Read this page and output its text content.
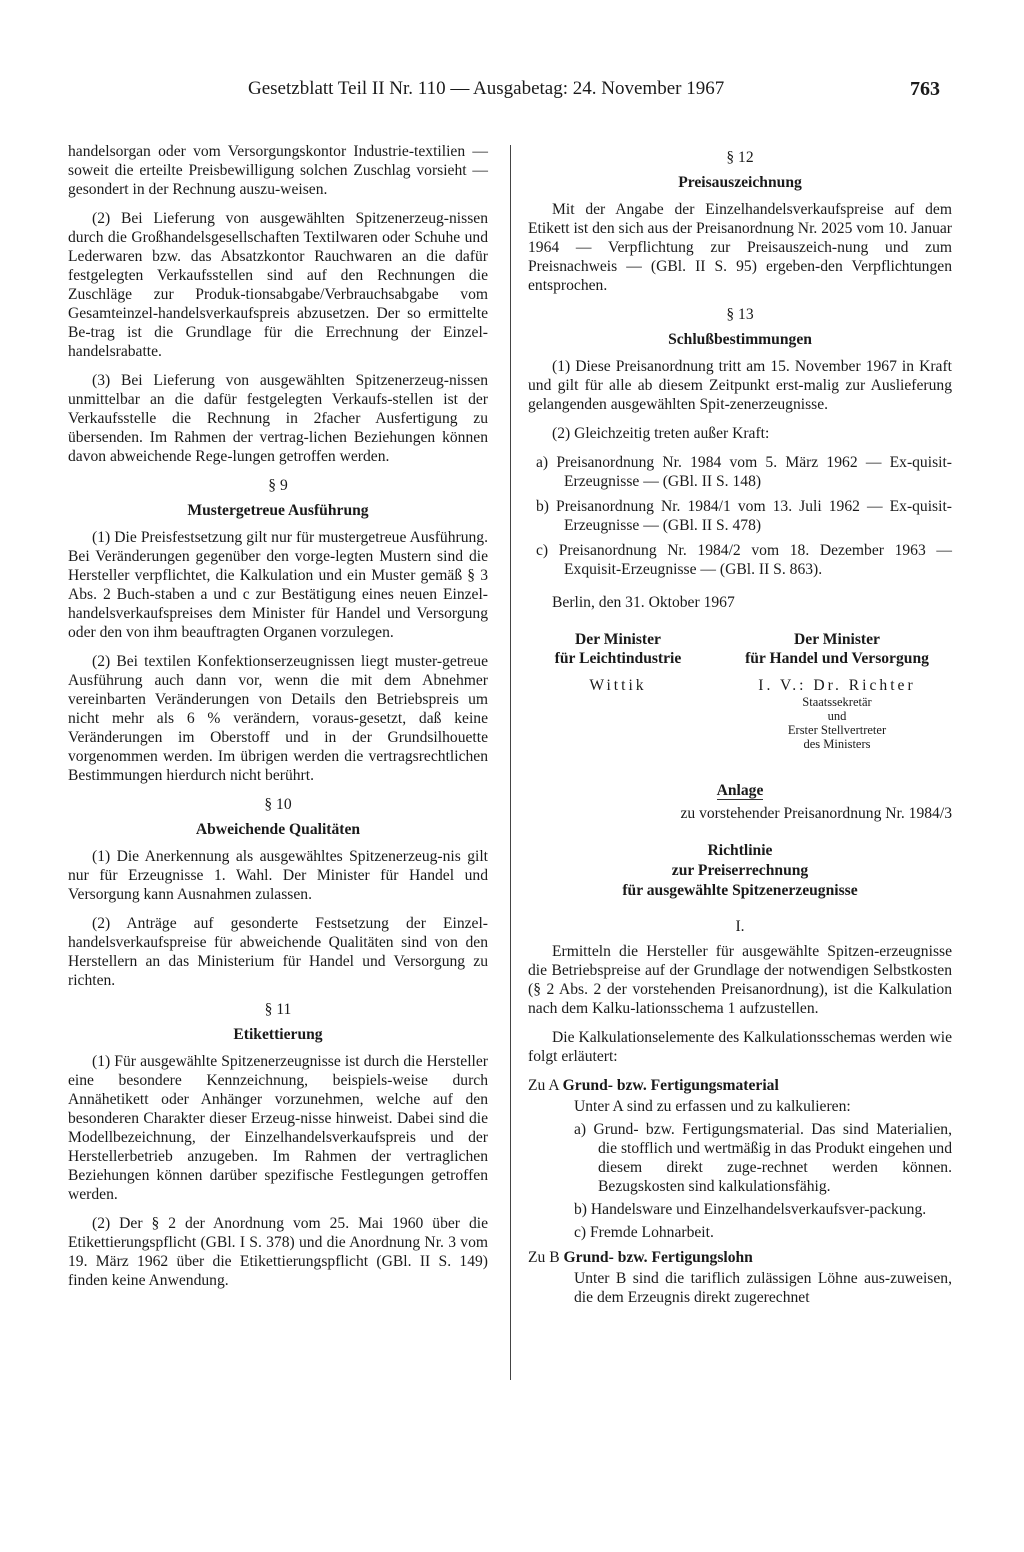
Gesetzblatt Teil II Nr. 110 — Ausgabetag: 24. November 1967	763

handelsorgan oder vom Versorgungskontor Industrie-textilien — soweit die erteilte Preisbewilligung solchen Zuschlag vorsieht — gesondert in der Rechnung auszu-weisen.

(2) Bei Lieferung von ausgewählten Spitzenerzeug-nissen durch die Großhandelsgesellschaften Textilwaren oder Schuhe und Lederwaren bzw. das Absatzkontor Rauchwaren an die dafür festgelegten Verkaufsstellen sind auf den Rechnungen die Zuschläge zur Produk-tionsabgabe/Verbrauchsabgabe vom Gesamteinzel-handelsverkaufspreis abzusetzen. Der so ermittelte Be-trag ist die Grundlage für die Errechnung der Einzel-handelsrabatte.

(3) Bei Lieferung von ausgewählten Spitzenerzeug-nissen unmittelbar an die dafür festgelegten Verkaufs-stellen ist der Verkaufsstelle die Rechnung in 2facher Ausfertigung zu übersenden. Im Rahmen der vertrag-lichen Beziehungen können davon abweichende Rege-lungen getroffen werden.

§ 9
Mustergetreue Ausführung

(1) Die Preisfestsetzung gilt nur für mustergetreue Ausführung. Bei Veränderungen gegenüber den vorge-legten Mustern sind die Hersteller verpflichtet, die Kalkulation und ein Muster gemäß § 3 Abs. 2 Buch-staben a und c zur Bestätigung eines neuen Einzel-handelsverkaufspreises dem Minister für Handel und Versorgung oder den von ihm beauftragten Organen vorzulegen.

(2) Bei textilen Konfektionserzeugnissen liegt muster-getreue Ausführung auch dann vor, wenn die mit dem Abnehmer vereinbarten Veränderungen von Details den Betriebspreis um nicht mehr als 6 % verändern, voraus-gesetzt, daß keine Veränderungen im Oberstoff und in der Grundsilhouette vorgenommen werden. Im übrigen werden die vertragsrechtlichen Bestimmungen hierdurch nicht berührt.

§ 10
Abweichende Qualitäten

(1) Die Anerkennung als ausgewähltes Spitzenerzeug-nis gilt nur für Erzeugnisse 1. Wahl. Der Minister für Handel und Versorgung kann Ausnahmen zulassen.

(2) Anträge auf gesonderte Festsetzung der Einzel-handelsverkaufspreise für abweichende Qualitäten sind von den Herstellern an das Ministerium für Handel und Versorgung zu richten.

§ 11
Etikettierung

(1) Für ausgewählte Spitzenerzeugnisse ist durch die Hersteller eine besondere Kennzeichnung, beispiels-weise durch Annähetikett oder Anhänger vorzunehmen, welche auf den besonderen Charakter dieser Erzeug-nisse hinweist. Dabei sind die Modellbezeichnung, der Einzelhandelsverkaufspreis und der Herstellerbetrieb anzugeben. Im Rahmen der vertraglichen Beziehungen können darüber spezifische Festlegungen getroffen werden.

(2) Der § 2 der Anordnung vom 25. Mai 1960 über die Etikettierungspflicht (GBl. I S. 378) und die Anordnung Nr. 3 vom 19. März 1962 über die Etikettierungspflicht (GBl. II S. 149) finden keine Anwendung.

§ 12
Preisauszeichnung

Mit der Angabe der Einzelhandelsverkaufspreise auf dem Etikett ist den sich aus der Preisanordnung Nr. 2025 vom 10. Januar 1964 — Verpflichtung zur Preisauszeich-nung und zum Preisnachweis — (GBl. II S. 95) ergeben-den Verpflichtungen entsprochen.

§ 13
Schlußbestimmungen

(1) Diese Preisanordnung tritt am 15. November 1967 in Kraft und gilt für alle ab diesem Zeitpunkt erst-malig zur Auslieferung gelangenden ausgewählten Spit-zenerzeugnisse.

(2) Gleichzeitig treten außer Kraft:

a) Preisanordnung Nr. 1984 vom 5. März 1962 — Ex-quisit-Erzeugnisse — (GBl. II S. 148)
b) Preisanordnung Nr. 1984/1 vom 13. Juli 1962 — Ex-quisit-Erzeugnisse — (GBl. II S. 478)
c) Preisanordnung Nr. 1984/2 vom 18. Dezember 1963 — Exquisit-Erzeugnisse — (GBl. II S. 863).

Berlin, den 31. Oktober 1967

Der Minister
für Leichtindustrie
Wittik
Der Minister
für Handel und Versorgung
I. V.: Dr. Richter
Staatssekretär
und
Erster Stellvertreter
des Ministers
Anlage
zu vorstehender Preisanordnung Nr. 1984/3
Richtlinie
zur Preiserrechnung
für ausgewählte Spitzenerzeugnisse
I.

Ermitteln die Hersteller für ausgewählte Spitzen-erzeugnisse die Betriebspreise auf der Grundlage der notwendigen Selbstkosten (§ 2 Abs. 2 der vorstehenden Preisanordnung), ist die Kalkulation nach dem Kalku-lationsschema 1 aufzustellen.

Die Kalkulationselemente des Kalkulationsschemas werden wie folgt erläutert:

Zu A Grund- bzw. Fertigungsmaterial
Unter A sind zu erfassen und zu kalkulieren:
a) Grund- bzw. Fertigungsmaterial. Das sind Materialien, die stofflich und wertmäßig in das Produkt eingehen und diesem direkt zuge-rechnet werden können. Bezugskosten sind kalkulationsfähig.
b) Handelsware und Einzelhandelsverkaufsver-packung.
c) Fremde Lohnarbeit.
Zu B Grund- bzw. Fertigungslohn
Unter B sind die tariflich zulässigen Löhne aus-zuweisen, die dem Erzeugnis direkt zugerechnet
